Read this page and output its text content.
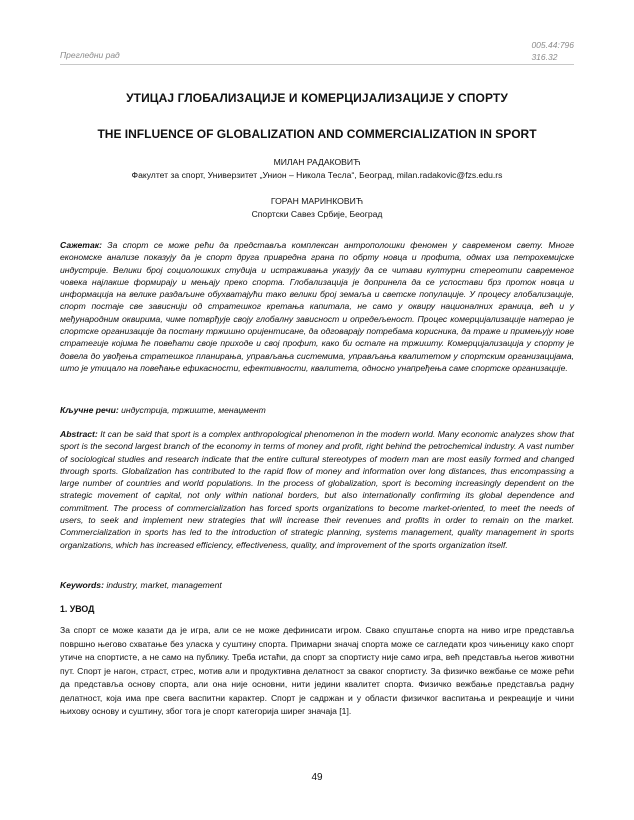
Прегледни рад
005.44:796
316.32
УТИЦАЈ ГЛОБАЛИЗАЦИЈЕ И КОМЕРЦИЈАЛИЗАЦИЈЕ У СПОРТУ
THE INFLUENCE OF GLOBALIZATION AND COMMERCIALIZATION IN SPORT
МИЛАН РАДАКОВИЋ
Факултет за спорт, Универзитет „Унион – Никола Тесла“, Београд, milan.radakovic@fzs.edu.rs
ГОРАН МАРИНКОВИЋ
Спортски Савез Србије, Београд
Сажетак: За спорт се може рећи да представља комплексан антрополошки феномен у савременом свету. Многе економске анализе показују да је спорт друга привредна грана по обрту новца и профита, одмах иза петрохемијске индустрије. Велики број социолошких студија и истраживања указују да се читави културни стереотипи савременог човека најлакше формирају и мењају преко спорта. Глобализација је допринела да се успостави брз проток новца и информација на велике раздаљине обухватајући тако велики број земаља и светске популације. У процесу глобализације, спорт постаје све зависнији од стратешког кретања капитала, не само у оквиру националних граница, већ и у међународним оквирима, чиме потврђује своју глобалну зависност и опредељеност. Процес комерцијализације натерао је спортске организације да постану тржишно оријентисане, да одговарају потребама корисника, да траже и примењују нове стратегије којима ће повећати своје приходе и свој профит, како би остале на тржишту. Комерцијализација у спорту је довела до увођења стратешког планирања, управљања системима, управљања квалитетом у спортским организацијама, што је утицало на повећање ефикасности, ефективности, квалитета, односно унапређења саме спортске организације.
Кључне речи: индустрија, тржиште, менаџмент
Abstract: It can be said that sport is a complex anthropological phenomenon in the modern world. Many economic analyzes show that sport is the second largest branch of the economy in terms of money and profit, right behind the petrochemical industry. A vast number of sociological studies and research indicate that the entire cultural stereotypes of modern man are most easily formed and changed through sports. Globalization has contributed to the rapid flow of money and information over long distances, thus encompassing a large number of countries and world populations. In the process of globalization, sport is becoming increasingly dependent on the strategic movement of capital, not only within national borders, but also internationally confirming its global dependence and commitment. The process of commercialization has forced sports organizations to become market-oriented, to meet the needs of users, to seek and implement new strategies that will increase their revenues and profits in order to remain on the market. Commercialization in sports has led to the introduction of strategic planning, systems management, quality management in sports organizations, which has increased efficiency, effectiveness, quality, and improvement of the sports organization itself.
Keywords: industry, market, management
1. УВОД
За спорт се може казати да је игра, али се не може дефинисати игром. Свако спуштање спорта на ниво игре представља површно његово схватање без уласка у суштину спорта. Примарни значај спорта може се сагледати кроз чињеницу како спорт утиче на спортисте, а не само на публику. Треба истаћи, да спорт за спортисту није само игра, већ представља његов животни пут. Спорт је нагон, страст, стрес, мотив али и продуктивна делатност за сваког спортисту. За физичко вежбање се може рећи да представља основу спорта, али она није основни, нити једини квалитет спорта. Физичко вежбање представља радну делатност, која има пре свега васпитни карактер. Спорт је садржан и у области физичког васпитања и рекреације и чини њихову основу и суштину, због тога је спорт категорија ширег значаја [1].
49
